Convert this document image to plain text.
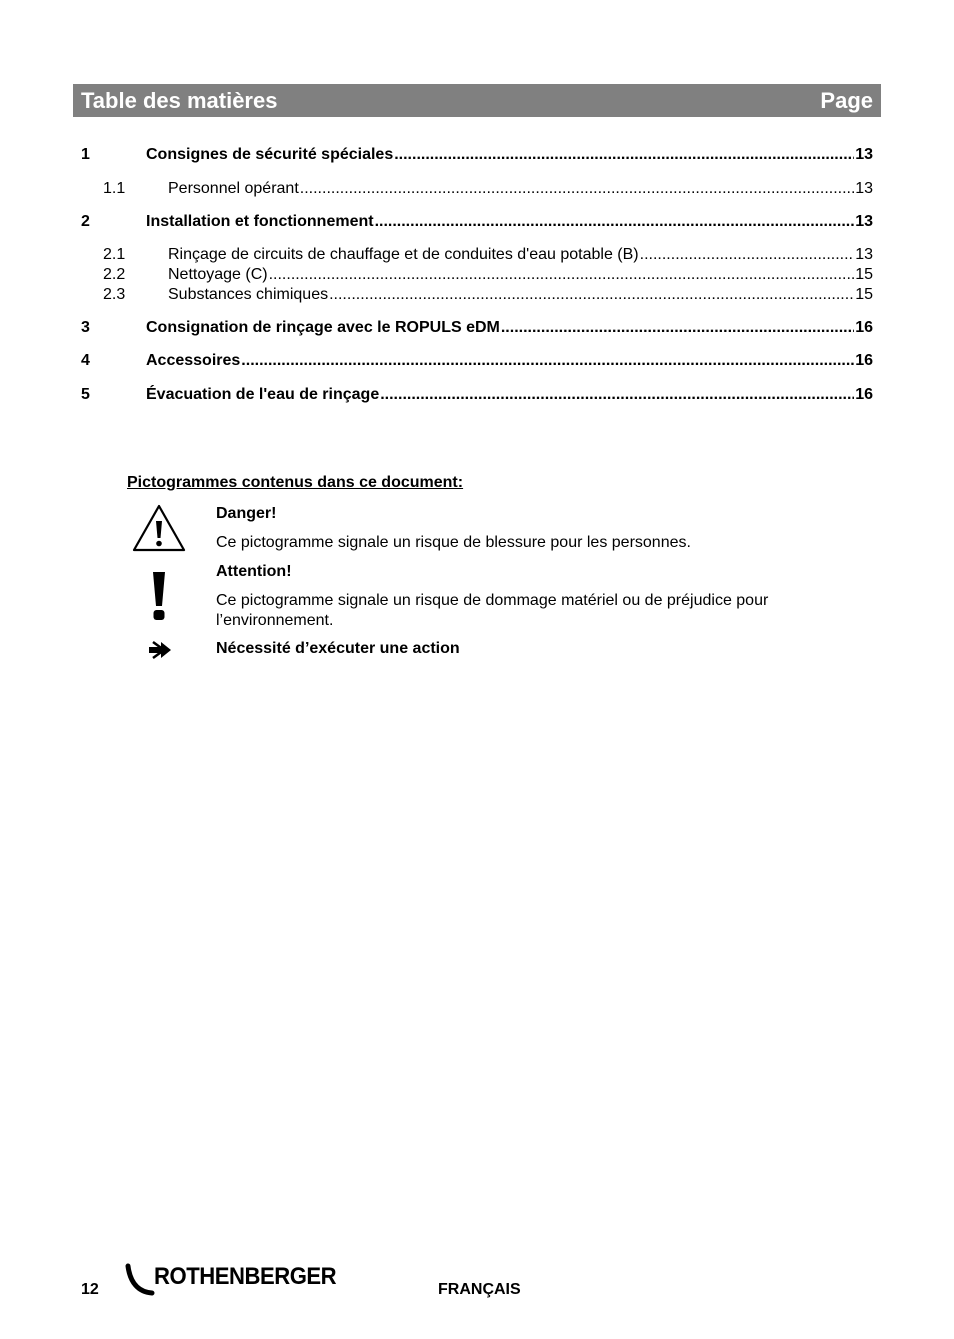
Table des matières	Page
1	Consignes de sécurité spéciales .....	13
1.1	Personnel opérant .....	13
2	Installation et fonctionnement .....	13
2.1	Rinçage de circuits de chauffage et de conduites d'eau potable (B) .....	13
2.2	Nettoyage (C) .....	15
2.3	Substances chimiques .....	15
3	Consignation de rinçage avec le ROPULS eDM .....	16
4	Accessoires .....	16
5	Évacuation de l'eau de rinçage .....	16
Pictogrammes contenus dans ce document:
Danger!
Ce pictogramme signale un risque de blessure pour les personnes.
Attention!
Ce pictogramme signale un risque de dommage matériel ou de préjudice pour
l’environnement.
Nécessité d’exécuter une action
12 ROTHENBERGER	FRANÇAIS
